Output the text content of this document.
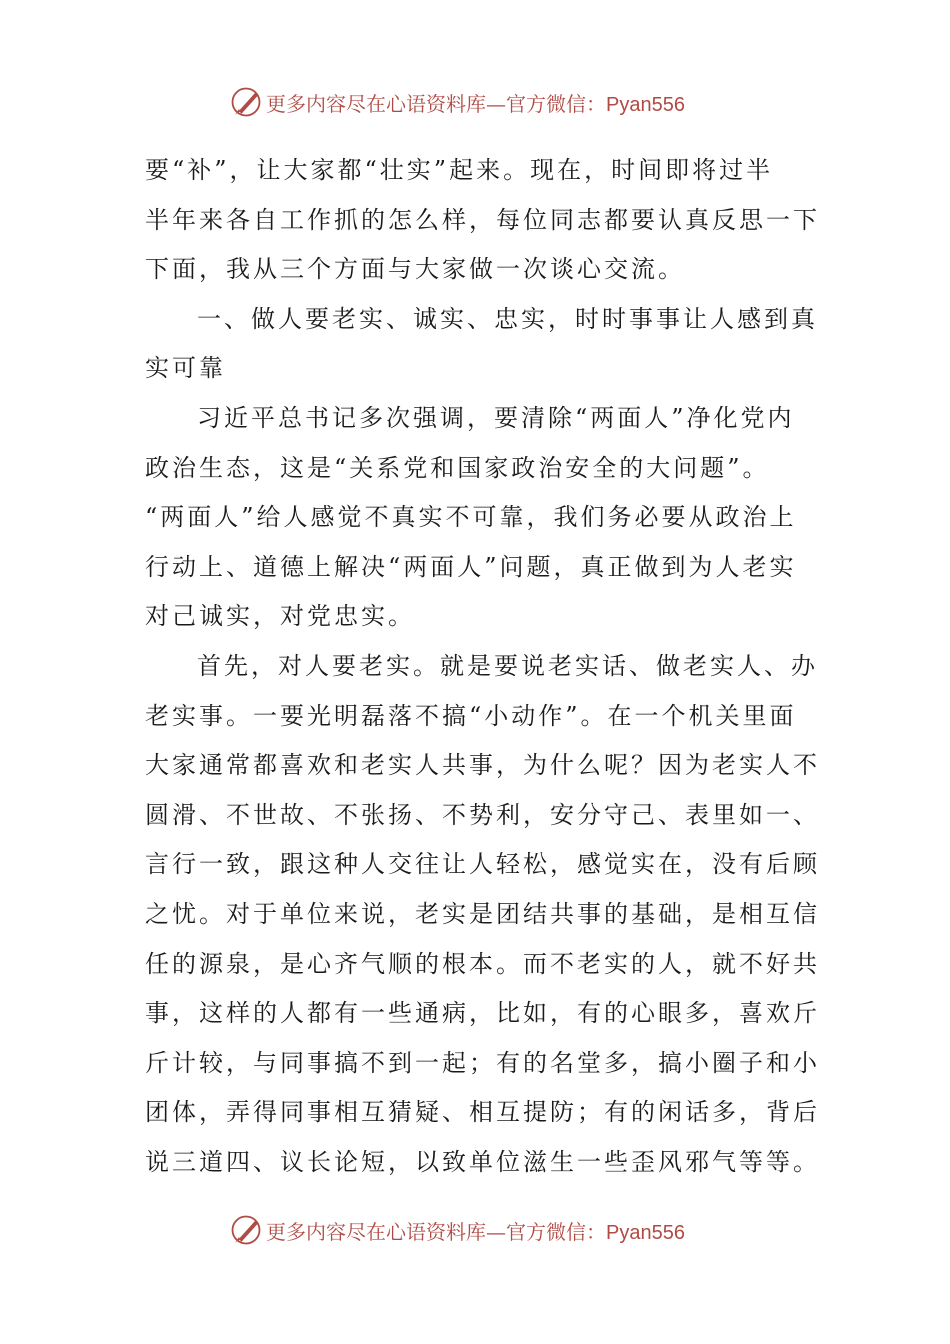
更多内容尽在心语资料库—官方微信：Pyan556

要“补”，让大家都“壮实”起来。现在，时间即将过半

半年来各自工作抓的怎么样，每位同志都要认真反思一下

下面，我从三个方面与大家做一次谈心交流。

一、做人要老实、诚实、忠实，时时事事让人感到真

实可靠

习近平总书记多次强调，要清除“两面人”净化党内

政治生态，这是“关系党和国家政治安全的大问题”。

“两面人”给人感觉不真实不可靠，我们务必要从政治上

行动上、道德上解决“两面人”问题，真正做到为人老实

对己诚实，对党忠实。

首先，对人要老实。就是要说老实话、做老实人、办

老实事。一要光明磊落不搞“小动作”。在一个机关里面

大家通常都喜欢和老实人共事，为什么呢？因为老实人不

圆滑、不世故、不张扬、不势利，安分守己、表里如一、

言行一致，跟这种人交往让人轻松，感觉实在，没有后顾

之忧。对于单位来说，老实是团结共事的基础，是相互信

任的源泉，是心齐气顺的根本。而不老实的人，就不好共

事，这样的人都有一些通病，比如，有的心眼多，喜欢斤

斤计较，与同事搞不到一起；有的名堂多，搞小圈子和小

团体，弄得同事相互猜疑、相互提防；有的闲话多，背后

说三道四、议长论短，以致单位滋生一些歪风邪气等等。

更多内容尽在心语资料库—官方微信：Pyan556
